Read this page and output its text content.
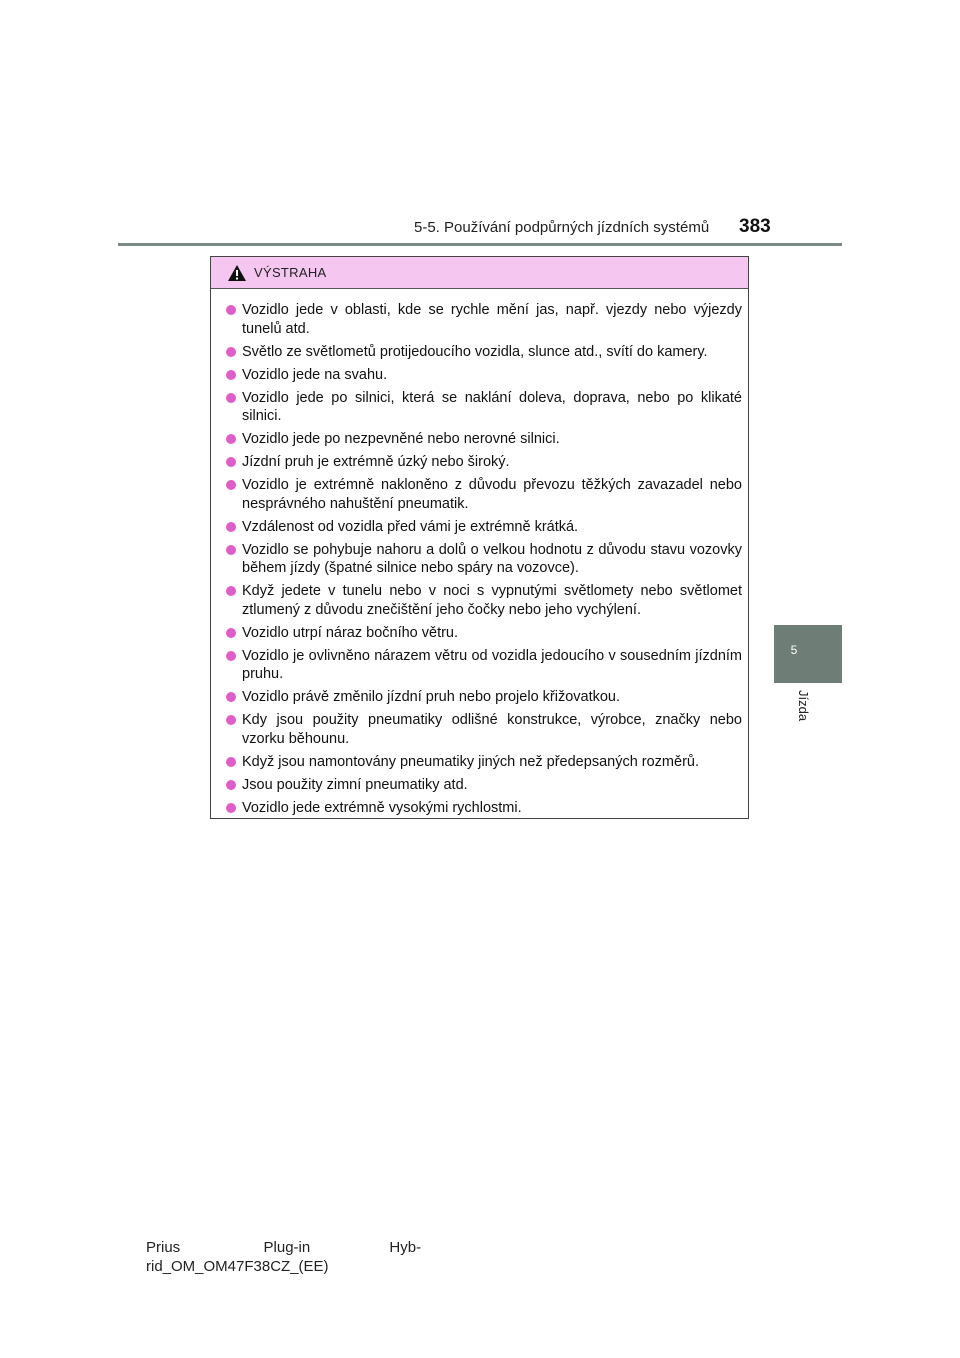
5-5. Používání podpůrných jízdních systémů 383
5
Jízda
VÝSTRAHA
Vozidlo jede v oblasti, kde se rychle mění jas, např. vjezdy nebo výjezdy tunelů atd.
Světlo ze světlometů protijedoucího vozidla, slunce atd., svítí do kamery.
Vozidlo jede na svahu.
Vozidlo jede po silnici, která se naklání doleva, doprava, nebo po klikaté silnici.
Vozidlo jede po nezpevněné nebo nerovné silnici.
Jízdní pruh je extrémně úzký nebo široký.
Vozidlo je extrémně nakloněno z důvodu převozu těžkých zavazadel nebo nesprávného nahuštění pneumatik.
Vzdálenost od vozidla před vámi je extrémně krátká.
Vozidlo se pohybuje nahoru a dolů o velkou hodnotu z důvodu stavu vozovky během jízdy (špatné silnice nebo spáry na vozovce).
Když jedete v tunelu nebo v noci s vypnutými světlomety nebo světlomet ztlumený z důvodu znečištění jeho čočky nebo jeho vychýlení.
Vozidlo utrpí náraz bočního větru.
Vozidlo je ovlivněno nárazem větru od vozidla jedoucího v sousedním jízdním pruhu.
Vozidlo právě změnilo jízdní pruh nebo projelo křižovatkou.
Kdy jsou použity pneumatiky odlišné konstrukce, výrobce, značky nebo vzorku běhounu.
Když jsou namontovány pneumatiky jiných než předepsaných rozměrů.
Jsou použity zimní pneumatiky atd.
Vozidlo jede extrémně vysokými rychlostmi.
Prius                    Plug-in                   Hyb-
rid_OM_OM47F38CZ_(EE)
